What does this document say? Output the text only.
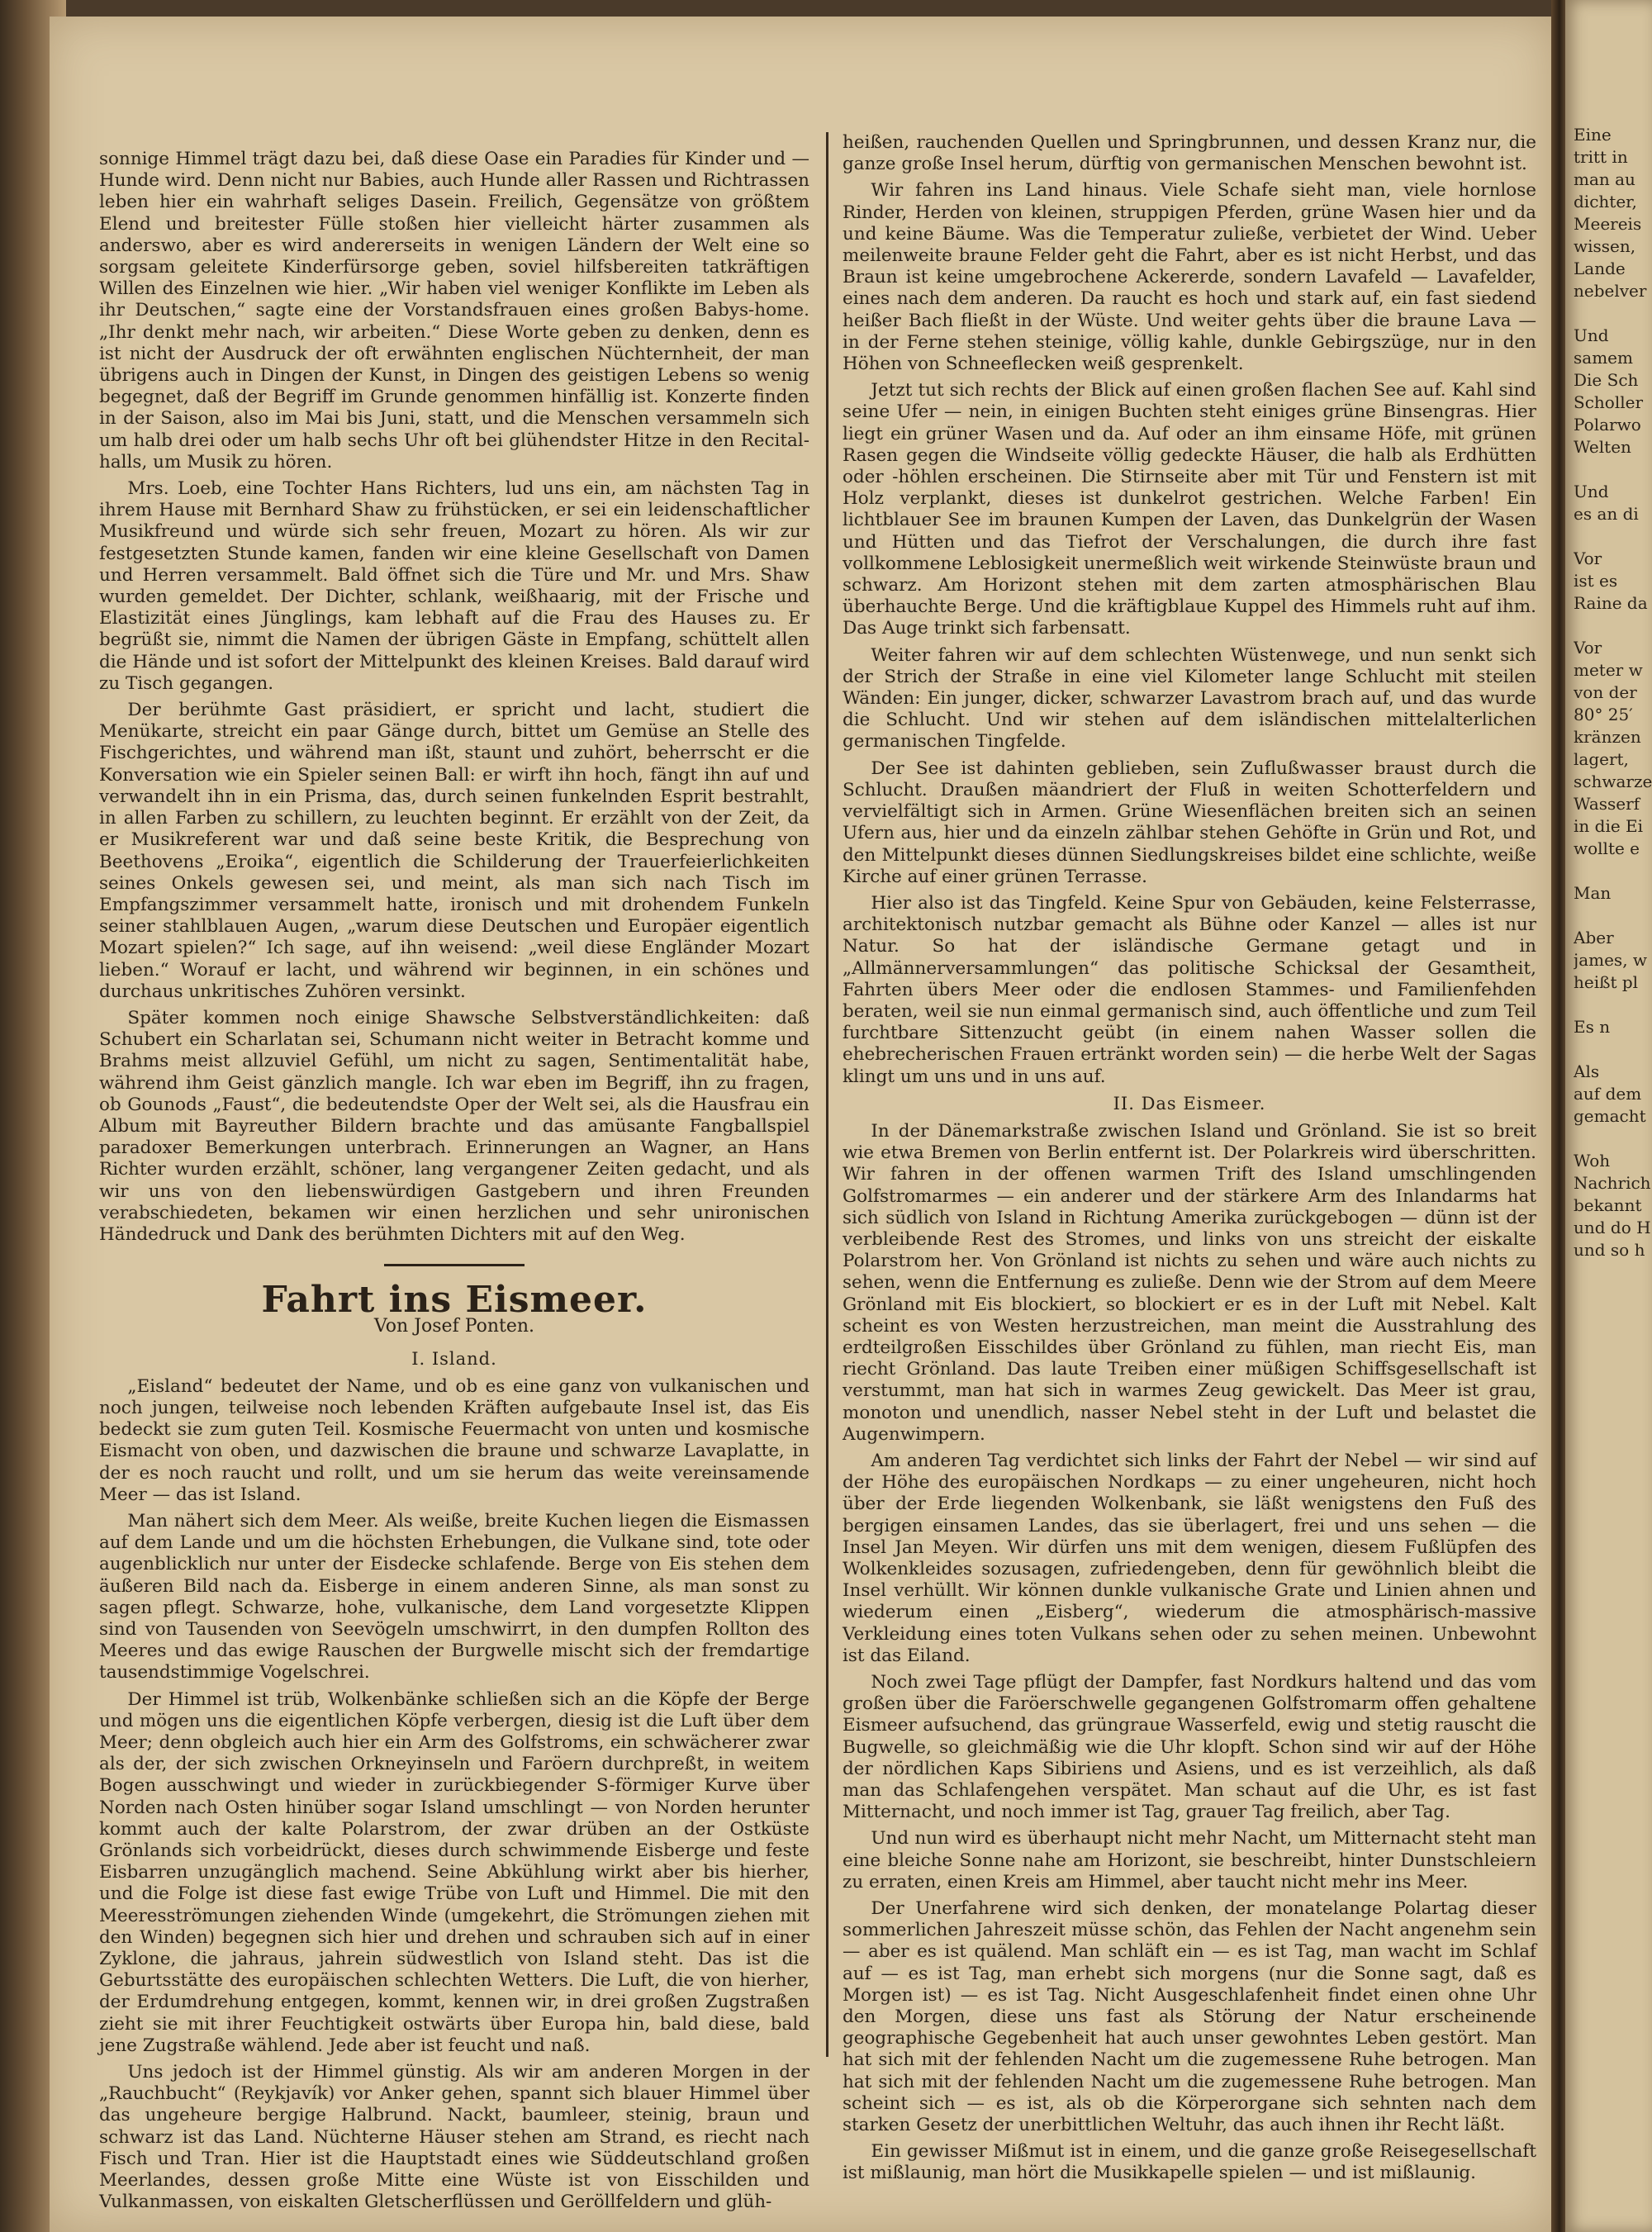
sonnige Himmel trägt dazu bei, daß diese Oase ein Paradies für Kinder und — Hunde wird. Denn nicht nur Babies, auch Hunde aller Rassen und Richtrassen leben hier ein wahrhaft seliges Dasein. Freilich, Gegensätze von größtem Elend und breitester Fülle stoßen hier vielleicht härter zusammen als anderswo, aber es wird andererseits in wenigen Ländern der Welt eine so sorgsam geleitete Kinderfürsorge geben, soviel hilfsbereiten tatkräftigen Willen des Einzelnen wie hier. „Wir haben viel weniger Konflikte im Leben als ihr Deutschen,“ sagte eine der Vorstandsfrauen eines großen Babys-home. „Ihr denkt mehr nach, wir arbeiten.“ Diese Worte geben zu denken, denn es ist nicht der Ausdruck der oft erwähnten englischen Nüchternheit, der man übrigens auch in Dingen der Kunst, in Dingen des geistigen Lebens so wenig begegnet, daß der Begriff im Grunde genommen hinfällig ist. Konzerte finden in der Saison, also im Mai bis Juni, statt, und die Menschen versammeln sich um halb drei oder um halb sechs Uhr oft bei glühendster Hitze in den Recital-halls, um Musik zu hören.

Mrs. Loeb, eine Tochter Hans Richters, lud uns ein, am nächsten Tag in ihrem Hause mit Bernhard Shaw zu frühstücken, er sei ein leidenschaftlicher Musikfreund und würde sich sehr freuen, Mozart zu hören. Als wir zur festgesetzten Stunde kamen, fanden wir eine kleine Gesellschaft von Damen und Herren versammelt. Bald öffnet sich die Türe und Mr. und Mrs. Shaw wurden gemeldet. Der Dichter, schlank, weißhaarig, mit der Frische und Elastizität eines Jünglings, kam lebhaft auf die Frau des Hauses zu. Er begrüßt sie, nimmt die Namen der übrigen Gäste in Empfang, schüttelt allen die Hände und ist sofort der Mittelpunkt des kleinen Kreises. Bald darauf wird zu Tisch gegangen.

Der berühmte Gast präsidiert, er spricht und lacht, studiert die Menükarte, streicht ein paar Gänge durch, bittet um Gemüse an Stelle des Fischgerichtes, und während man ißt, staunt und zuhört, beherrscht er die Konversation wie ein Spieler seinen Ball: er wirft ihn hoch, fängt ihn auf und verwandelt ihn in ein Prisma, das, durch seinen funkelnden Esprit bestrahlt, in allen Farben zu schillern, zu leuchten beginnt. Er erzählt von der Zeit, da er Musikreferent war und daß seine beste Kritik, die Besprechung von Beethovens „Eroika“, eigentlich die Schilderung der Trauerfeierlichkeiten seines Onkels gewesen sei, und meint, als man sich nach Tisch im Empfangszimmer versammelt hatte, ironisch und mit drohendem Funkeln seiner stahlblauen Augen, „warum diese Deutschen und Europäer eigentlich Mozart spielen?“ Ich sage, auf ihn weisend: „weil diese Engländer Mozart lieben.“ Worauf er lacht, und während wir beginnen, in ein schönes und durchaus unkritisches Zuhören versinkt.

Später kommen noch einige Shawsche Selbstverständlichkeiten: daß Schubert ein Scharlatan sei, Schumann nicht weiter in Betracht komme und Brahms meist allzuviel Gefühl, um nicht zu sagen, Sentimentalität habe, während ihm Geist gänzlich mangle. Ich war eben im Begriff, ihn zu fragen, ob Gounods „Faust“, die bedeutendste Oper der Welt sei, als die Hausfrau ein Album mit Bayreuther Bildern brachte und das amüsante Fangballspiel paradoxer Bemerkungen unterbrach. Erinnerungen an Wagner, an Hans Richter wurden erzählt, schöner, lang vergangener Zeiten gedacht, und als wir uns von den liebenswürdigen Gastgebern und ihren Freunden verabschiedeten, bekamen wir einen herzlichen und sehr unironischen Händedruck und Dank des berühmten Dichters mit auf den Weg.

Fahrt ins Eismeer.
Von Josef Ponten.
I. Island.

„Eisland“ bedeutet der Name, und ob es eine ganz von vulkanischen und noch jungen, teilweise noch lebenden Kräften aufgebaute Insel ist, das Eis bedeckt sie zum guten Teil. Kosmische Feuermacht von unten und kosmische Eismacht von oben, und dazwischen die braune und schwarze Lavaplatte, in der es noch raucht und rollt, und um sie herum das weite vereinsamende Meer — das ist Island.

Man nähert sich dem Meer. Als weiße, breite Kuchen liegen die Eismassen auf dem Lande und um die höchsten Erhebungen, die Vulkane sind, tote oder augenblicklich nur unter der Eisdecke schlafende. Berge von Eis stehen dem äußeren Bild nach da. Eisberge in einem anderen Sinne, als man sonst zu sagen pflegt. Schwarze, hohe, vulkanische, dem Land vorgesetzte Klippen sind von Tausenden von Seevögeln umschwirrt, in den dumpfen Rollton des Meeres und das ewige Rauschen der Burgwelle mischt sich der fremdartige tausendstimmige Vogelschrei.

Der Himmel ist trüb, Wolkenbänke schließen sich an die Köpfe der Berge und mögen uns die eigentlichen Köpfe verbergen, diesig ist die Luft über dem Meer; denn obgleich auch hier ein Arm des Golfstroms, ein schwächerer zwar als der, der sich zwischen Orkneyinseln und Faröern durchpreßt, in weitem Bogen ausschwingt und wieder in zurückbiegender S-förmiger Kurve über Norden nach Osten hinüber sogar Island umschlingt — von Norden herunter kommt auch der kalte Polarstrom, der zwar drüben an der Ostküste Grönlands sich vorbeidrückt, dieses durch schwimmende Eisberge und feste Eisbarren unzugänglich machend. Seine Abkühlung wirkt aber bis hierher, und die Folge ist diese fast ewige Trübe von Luft und Himmel. Die mit den Meeresströmungen ziehenden Winde (umgekehrt, die Strömungen ziehen mit den Winden) begegnen sich hier und drehen und schrauben sich auf in einer Zyklone, die jahraus, jahrein südwestlich von Island steht. Das ist die Geburtsstätte des europäischen schlechten Wetters. Die Luft, die von hierher, der Erdumdrehung entgegen, kommt, kennen wir, in drei großen Zugstraßen zieht sie mit ihrer Feuchtigkeit ostwärts über Europa hin, bald diese, bald jene Zugstraße wählend. Jede aber ist feucht und naß.

Uns jedoch ist der Himmel günstig. Als wir am anderen Morgen in der „Rauchbucht“ (Reykjavík) vor Anker gehen, spannt sich blauer Himmel über das ungeheure bergige Halbrund. Nackt, baumleer, steinig, braun und schwarz ist das Land. Nüchterne Häuser stehen am Strand, es riecht nach Fisch und Tran. Hier ist die Hauptstadt eines wie Süddeutschland großen Meerlandes, dessen große Mitte eine Wüste ist von Eisschilden und Vulkanmassen, von eiskalten Gletscherflüssen und Geröllfeldern und glüh-

heißen, rauchenden Quellen und Springbrunnen, und dessen Kranz nur, die ganze große Insel herum, dürftig von germanischen Menschen bewohnt ist.

Wir fahren ins Land hinaus. Viele Schafe sieht man, viele hornlose Rinder, Herden von kleinen, struppigen Pferden, grüne Wasen hier und da und keine Bäume. Was die Temperatur zuließe, verbietet der Wind. Ueber meilenweite braune Felder geht die Fahrt, aber es ist nicht Herbst, und das Braun ist keine umgebrochene Ackererde, sondern Lavafeld — Lavafelder, eines nach dem anderen. Da raucht es hoch und stark auf, ein fast siedend heißer Bach fließt in der Wüste. Und weiter gehts über die braune Lava — in der Ferne stehen steinige, völlig kahle, dunkle Gebirgszüge, nur in den Höhen von Schneeflecken weiß gesprenkelt.

Jetzt tut sich rechts der Blick auf einen großen flachen See auf. Kahl sind seine Ufer — nein, in einigen Buchten steht einiges grüne Binsengras. Hier liegt ein grüner Wasen und da. Auf oder an ihm einsame Höfe, mit grünen Rasen gegen die Windseite völlig gedeckte Häuser, die halb als Erdhütten oder -höhlen erscheinen. Die Stirnseite aber mit Tür und Fenstern ist mit Holz verplankt, dieses ist dunkelrot gestrichen. Welche Farben! Ein lichtblauer See im braunen Kumpen der Laven, das Dunkelgrün der Wasen und Hütten und das Tiefrot der Verschalungen, die durch ihre fast vollkommene Leblosigkeit unermeßlich weit wirkende Steinwüste braun und schwarz. Am Horizont stehen mit dem zarten atmosphärischen Blau überhauchte Berge. Und die kräftigblaue Kuppel des Himmels ruht auf ihm. Das Auge trinkt sich farbensatt.

Weiter fahren wir auf dem schlechten Wüstenwege, und nun senkt sich der Strich der Straße in eine viel Kilometer lange Schlucht mit steilen Wänden: Ein junger, dicker, schwarzer Lavastrom brach auf, und das wurde die Schlucht. Und wir stehen auf dem isländischen mittelalterlichen germanischen Tingfelde.

Der See ist dahinten geblieben, sein Zuflußwasser braust durch die Schlucht. Draußen mäandriert der Fluß in weiten Schotterfeldern und vervielfältigt sich in Armen. Grüne Wiesenflächen breiten sich an seinen Ufern aus, hier und da einzeln zählbar stehen Gehöfte in Grün und Rot, und den Mittelpunkt dieses dünnen Siedlungskreises bildet eine schlichte, weiße Kirche auf einer grünen Terrasse.

Hier also ist das Tingfeld. Keine Spur von Gebäuden, keine Felsterrasse, architektonisch nutzbar gemacht als Bühne oder Kanzel — alles ist nur Natur. So hat der isländische Germane getagt und in „Allmännerversammlungen“ das politische Schicksal der Gesamtheit, Fahrten übers Meer oder die endlosen Stammes- und Familienfehden beraten, weil sie nun einmal germanisch sind, auch öffentliche und zum Teil furchtbare Sittenzucht geübt (in einem nahen Wasser sollen die ehebrecherischen Frauen ertränkt worden sein) — die herbe Welt der Sagas klingt um uns und in uns auf.

II. Das Eismeer.

In der Dänemarkstraße zwischen Island und Grönland. Sie ist so breit wie etwa Bremen von Berlin entfernt ist. Der Polarkreis wird überschritten. Wir fahren in der offenen warmen Trift des Island umschlingenden Golfstromarmes — ein anderer und der stärkere Arm des Inlandarms hat sich südlich von Island in Richtung Amerika zurückgebogen — dünn ist der verbleibende Rest des Stromes, und links von uns streicht der eiskalte Polarstrom her. Von Grönland ist nichts zu sehen und wäre auch nichts zu sehen, wenn die Entfernung es zuließe. Denn wie der Strom auf dem Meere Grönland mit Eis blockiert, so blockiert er es in der Luft mit Nebel. Kalt scheint es von Westen herzustreichen, man meint die Ausstrahlung des erdteilgroßen Eisschildes über Grönland zu fühlen, man riecht Eis, man riecht Grönland. Das laute Treiben einer müßigen Schiffsgesellschaft ist verstummt, man hat sich in warmes Zeug gewickelt. Das Meer ist grau, monoton und unendlich, nasser Nebel steht in der Luft und belastet die Augenwimpern.

Am anderen Tag verdichtet sich links der Fahrt der Nebel — wir sind auf der Höhe des europäischen Nordkaps — zu einer ungeheuren, nicht hoch über der Erde liegenden Wolkenbank, sie läßt wenigstens den Fuß des bergigen einsamen Landes, das sie überlagert, frei und uns sehen — die Insel Jan Meyen. Wir dürfen uns mit dem wenigen, diesem Fußlüpfen des Wolkenkleides sozusagen, zufriedengeben, denn für gewöhnlich bleibt die Insel verhüllt. Wir können dunkle vulkanische Grate und Linien ahnen und wiederum einen „Eisberg“, wiederum die atmosphärisch-massive Verkleidung eines toten Vulkans sehen oder zu sehen meinen. Unbewohnt ist das Eiland.

Noch zwei Tage pflügt der Dampfer, fast Nordkurs haltend und das vom großen über die Faröerschwelle gegangenen Golfstromarm offen gehaltene Eismeer aufsuchend, das grüngraue Wasserfeld, ewig und stetig rauscht die Bugwelle, so gleichmäßig wie die Uhr klopft. Schon sind wir auf der Höhe der nördlichen Kaps Sibiriens und Asiens, und es ist verzeihlich, als daß man das Schlafengehen verspätet. Man schaut auf die Uhr, es ist fast Mitternacht, und noch immer ist Tag, grauer Tag freilich, aber Tag.

Und nun wird es überhaupt nicht mehr Nacht, um Mitternacht steht man eine bleiche Sonne nahe am Horizont, sie beschreibt, hinter Dunstschleiern zu erraten, einen Kreis am Himmel, aber taucht nicht mehr ins Meer.

Der Unerfahrene wird sich denken, der monatelange Polartag dieser sommerlichen Jahreszeit müsse schön, das Fehlen der Nacht angenehm sein — aber es ist quälend. Man schläft ein — es ist Tag, man wacht im Schlaf auf — es ist Tag, man erhebt sich morgens (nur die Sonne sagt, daß es Morgen ist) — es ist Tag. Nicht Ausgeschlafenheit findet einen ohne Uhr den Morgen, diese uns fast als Störung der Natur erscheinende geographische Gegebenheit hat auch unser gewohntes Leben gestört. Man hat sich mit der fehlenden Nacht um die zugemessene Ruhe betrogen. Man hat sich mit der fehlenden Nacht um die zugemessene Ruhe betrogen. Man scheint sich — es ist, als ob die Körperorgane sich sehnten nach dem starken Gesetz der unerbittlichen Weltuhr, das auch ihnen ihr Recht läßt.

Ein gewisser Mißmut ist in einem, und die ganze große Reisegesellschaft ist mißlaunig, man hört die Musikkapelle spielen — und ist mißlaunig.

Eine
tritt in
man au
dichter,
Meereis
wissen,
Lande
nebelver
Und
samem
Die Sch
Scholler
Polarwo
Welten
Und
es an di
Vor
ist es
Raine da
Vor
meter w
von der
80° 25′
kränzen
lagert,
schwarze
Wasserf
in die Ei
wollte e
Man
Aber
james, w
heißt pl
Es n
Als
auf dem
gemacht
Woh
Nachrich
bekannt
und do H
und so h
